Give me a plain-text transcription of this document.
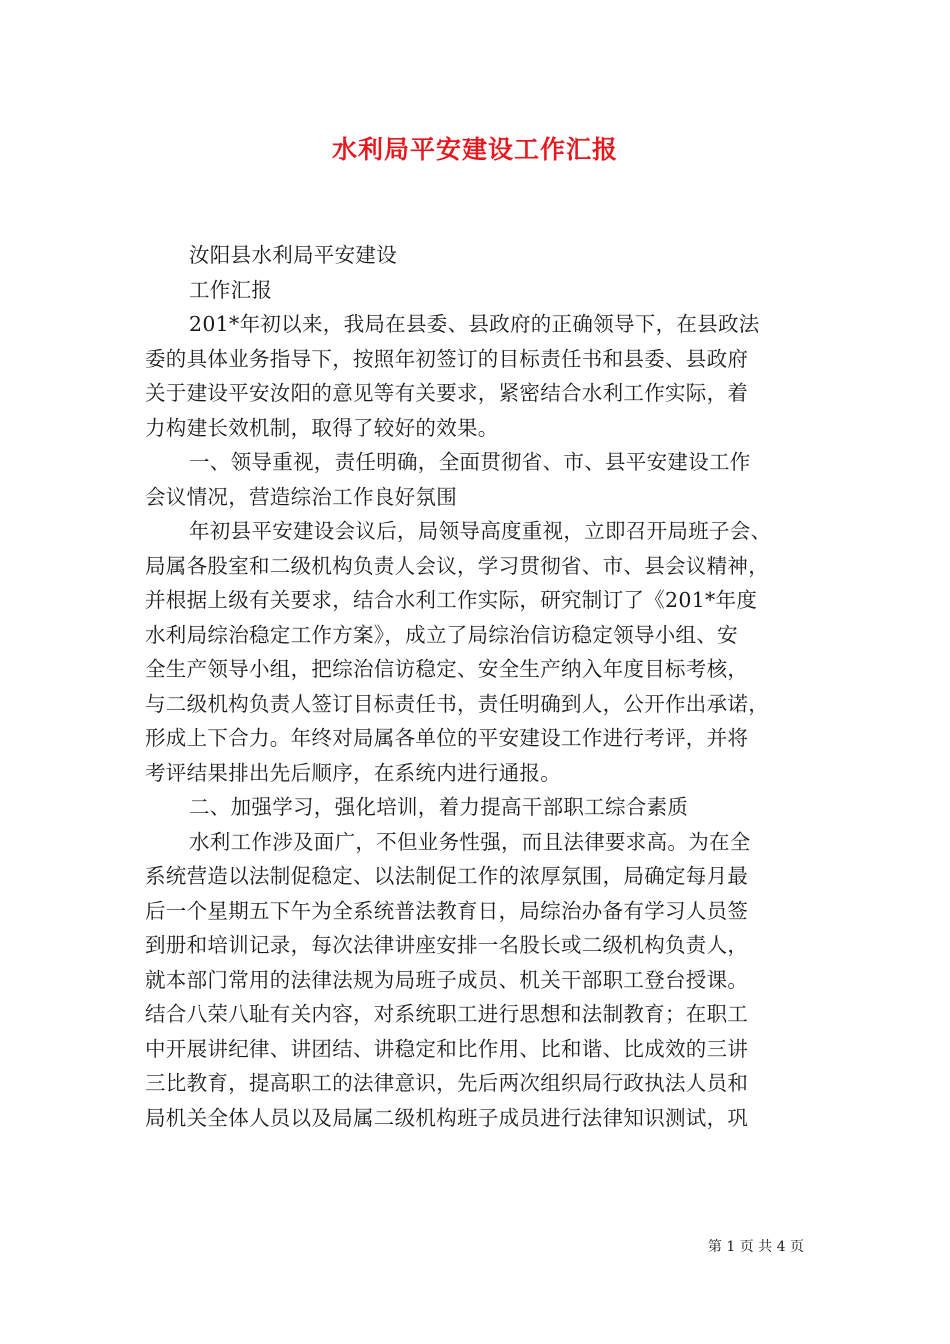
水利局平安建设工作汇报
汝阳县水利局平安建设
工作汇报
201*年初以来，我局在县委、县政府的正确领导下，在县政法
委的具体业务指导下，按照年初签订的目标责任书和县委、县政府
关于建设平安汝阳的意见等有关要求，紧密结合水利工作实际，着
力构建长效机制，取得了较好的效果。
一、领导重视，责任明确，全面贯彻省、市、县平安建设工作
会议情况，营造综治工作良好氛围
年初县平安建设会议后，局领导高度重视，立即召开局班子会、
局属各股室和二级机构负责人会议，学习贯彻省、市、县会议精神，
并根据上级有关要求，结合水利工作实际，研究制订了《201*年度
水利局综治稳定工作方案》，成立了局综治信访稳定领导小组、安
全生产领导小组，把综治信访稳定、安全生产纳入年度目标考核，
与二级机构负责人签订目标责任书，责任明确到人，公开作出承诺，
形成上下合力。年终对局属各单位的平安建设工作进行考评，并将
考评结果排出先后顺序，在系统内进行通报。
二、加强学习，强化培训，着力提高干部职工综合素质
水利工作涉及面广，不但业务性强，而且法律要求高。为在全
系统营造以法制促稳定、以法制促工作的浓厚氛围，局确定每月最
后一个星期五下午为全系统普法教育日，局综治办备有学习人员签
到册和培训记录，每次法律讲座安排一名股长或二级机构负责人，
就本部门常用的法律法规为局班子成员、机关干部职工登台授课。
结合八荣八耻有关内容，对系统职工进行思想和法制教育；在职工
中开展讲纪律、讲团结、讲稳定和比作用、比和谐、比成效的三讲
三比教育，提高职工的法律意识，先后两次组织局行政执法人员和
局机关全体人员以及局属二级机构班子成员进行法律知识测试，巩
第 1 页 共 4 页
